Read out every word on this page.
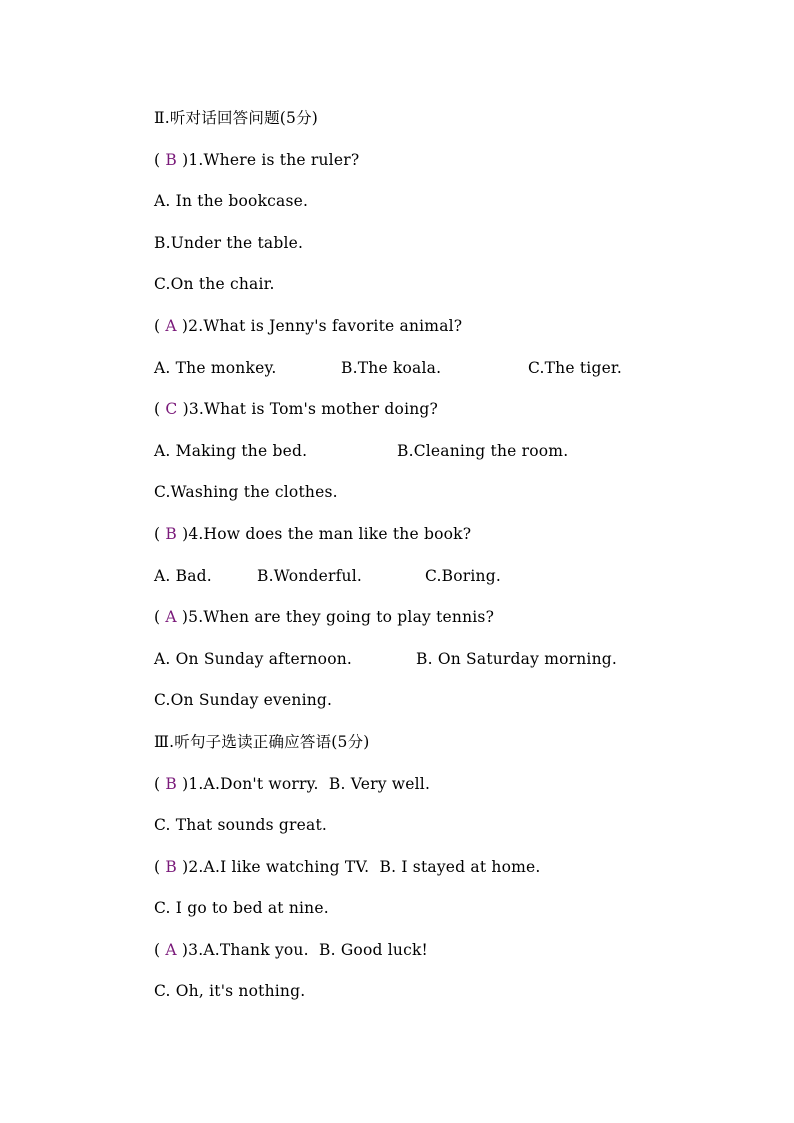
Ⅱ.听对话回答问题(5分)
( B )1.Where is the ruler?
A. In the bookcase.
B.Under the table.
C.On the chair.
( A )2.What is Jenny's favorite animal?
A. The monkey.	B.The koala.	C.The tiger.
( C )3.What is Tom's mother doing?
A. Making the bed.	B.Cleaning the room.
C.Washing the clothes.
( B )4.How does the man like the book?
A. Bad.	B.Wonderful.	C.Boring.
( A )5.When are they going to play tennis?
A. On Sunday afternoon.	B. On Saturday morning.
C.On Sunday evening.
Ⅲ.听句子选读正确应答语(5分)
( B )1.A.Don't worry.  B. Very well.
C. That sounds great.
( B )2.A.I like watching TV.  B. I stayed at home.
C. I go to bed at nine.
( A )3.A.Thank you.  B. Good luck!
C. Oh, it's nothing.
